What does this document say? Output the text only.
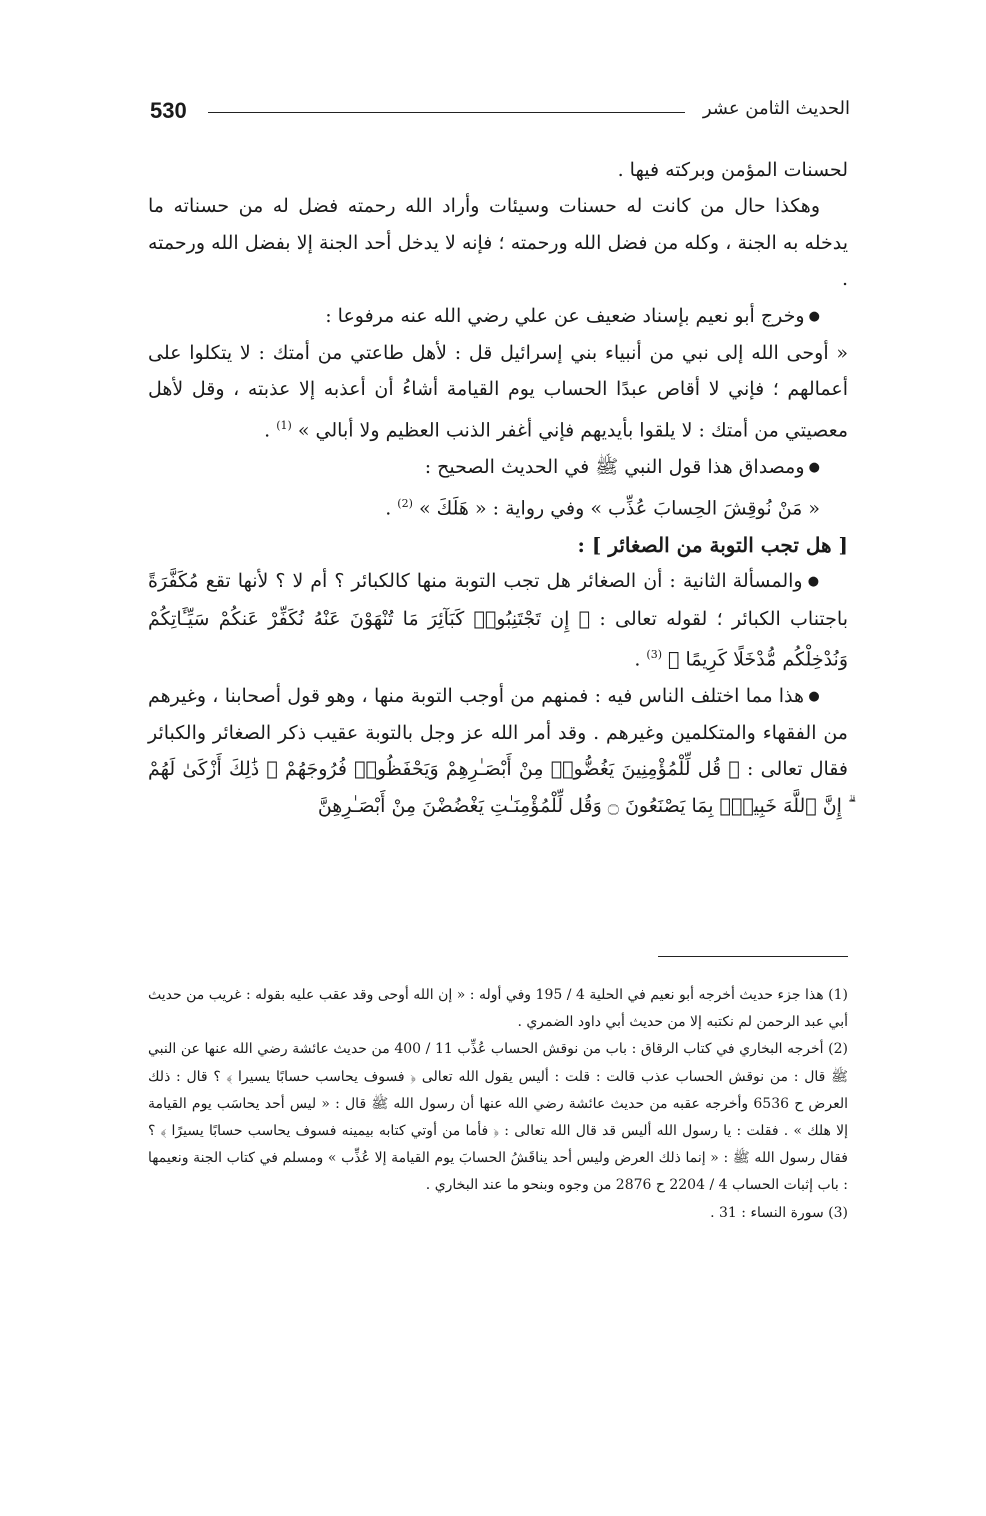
530	الحديث الثامن عشر

لحسنات المؤمن وبركته فيها .

وهكذا حال من كانت له حسنات وسيئات وأراد الله رحمته فضل له من حسناته ما يدخله به الجنة ، وكله من فضل الله ورحمته ؛ فإنه لا يدخل أحد الجنة إلا بفضل الله ورحمته .

● وخرج أبو نعيم بإسناد ضعيف عن علي رضي الله عنه مرفوعا :

« أوحى الله إلى نبي من أنبياء بني إسرائيل قل : لأهل طاعتي من أمتك : لا يتكلوا على أعمالهم ؛ فإني لا أقاص عبدًا الحساب يوم القيامة أشاءُ أن أعذبه إلا عذبته ، وقل لأهل معصيتي من أمتك : لا يلقوا بأيديهم فإني أغفر الذنب العظيم ولا أبالي » $^{(1)}$ .

● ومصداق هذا قول النبي ﷺ في الحديث الصحيح :

« مَنْ نُوقِشَ الحِسابَ عُذِّب » وفي رواية : « هَلَكَ » $^{(2)}$ .

[ هل تجب التوبة من الصغائر ] :

● والمسألة الثانية : أن الصغائر هل تجب التوبة منها كالكبائر ؟ أم لا ؟ لأنها تقع مُكَفَّرَةً باجتناب الكبائر ؛ لقوله تعالى : ﴿ إِن تَجْتَنِبُوا۟ كَبَآئِرَ مَا تُنْهَوْنَ عَنْهُ نُكَفِّرْ عَنكُمْ سَيِّـَٔاتِكُمْ وَنُدْخِلْكُم مُّدْخَلًا كَرِيمًا ﴾ $^{(3)}$ .

● هذا مما اختلف الناس فيه : فمنهم من أوجب التوبة منها ، وهو قول أصحابنا ، وغيرهم من الفقهاء والمتكلمين وغيرهم . وقد أمر الله عز وجل بالتوبة عقيب ذكر الصغائر والكبائر فقال تعالى : ﴿ قُل لِّلْمُؤْمِنِينَ يَغُضُّوا۟ مِنْ أَبْصَـٰرِهِمْ وَيَحْفَظُوا۟ فُرُوجَهُمْ ۚ ذَٰلِكَ أَزْكَىٰ لَهُمْ ۗ إِنَّ ٱللَّهَ خَبِيرٌۢ بِمَا يَصْنَعُونَ ۝ وَقُل لِّلْمُؤْمِنَـٰتِ يَغْضُضْنَ مِنْ أَبْصَـٰرِهِنَّ

(1) هذا جزء حديث أخرجه أبو نعيم في الحلية 4 / 195 وفي أوله : « إن الله أوحى وقد عقب عليه بقوله : غريب من حديث أبي عبد الرحمن لم نكتبه إلا من حديث أبي داود الضمري .

(2) أخرجه البخاري في كتاب الرقاق : باب من نوقش الحساب عُذِّب 11 / 400 من حديث عائشة رضي الله عنها عن النبي ﷺ قال : من نوقش الحساب عذب قالت : قلت : أليس يقول الله تعالى ﴿ فسوف يحاسب حسابًا يسيرا ﴾ ؟ قال : ذلك العرض ح 6536 وأخرجه عقبه من حديث عائشة رضي الله عنها أن رسول الله ﷺ قال : « ليس أحد يحاسَب يوم القيامة إلا هلك » . فقلت : يا رسول الله أليس قد قال الله تعالى : ﴿ فأما من أوتي كتابه بيمينه فسوف يحاسب حسابًا يسيرًا ﴾ ؟ فقال رسول الله ﷺ : « إنما ذلك العرض وليس أحد يناقَشُ الحسابَ يوم القيامة إلا عُذِّب » ومسلم في كتاب الجنة ونعيمها : باب إثبات الحساب 4 / 2204 ح 2876 من وجوه وبنحو ما عند البخاري .

(3) سورة النساء : 31 .
